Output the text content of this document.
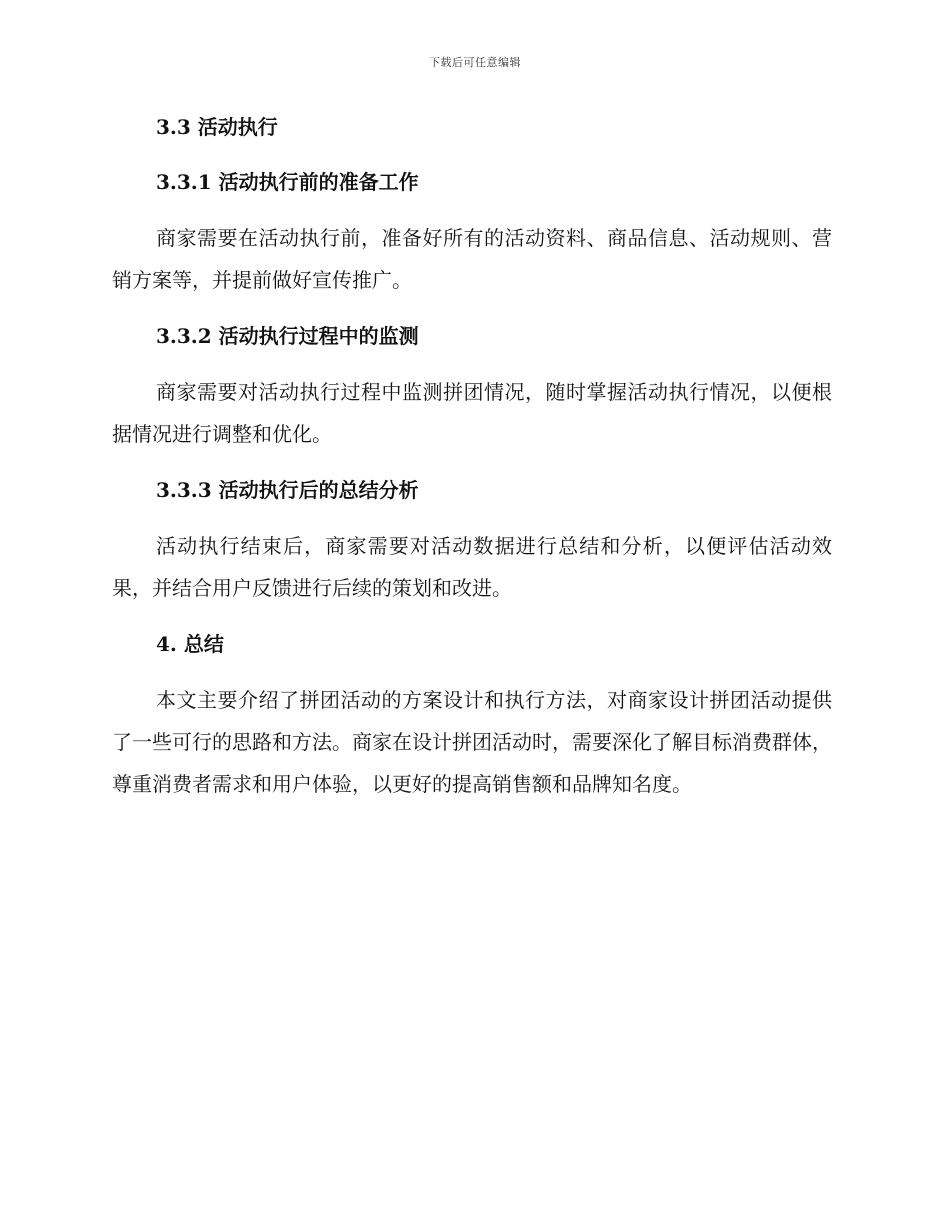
下载后可任意编辑
3.3 活动执行
3.3.1 活动执行前的准备工作

商家需要在活动执行前，准备好所有的活动资料、商品信息、活动规则、营销方案等，并提前做好宣传推广。

3.3.2 活动执行过程中的监测

商家需要对活动执行过程中监测拼团情况，随时掌握活动执行情况，以便根据情况进行调整和优化。

3.3.3 活动执行后的总结分析

活动执行结束后，商家需要对活动数据进行总结和分析，以便评估活动效果，并结合用户反馈进行后续的策划和改进。

4. 总结

本文主要介绍了拼团活动的方案设计和执行方法，对商家设计拼团活动提供了一些可行的思路和方法。商家在设计拼团活动时，需要深化了解目标消费群体，尊重消费者需求和用户体验，以更好的提高销售额和品牌知名度。
